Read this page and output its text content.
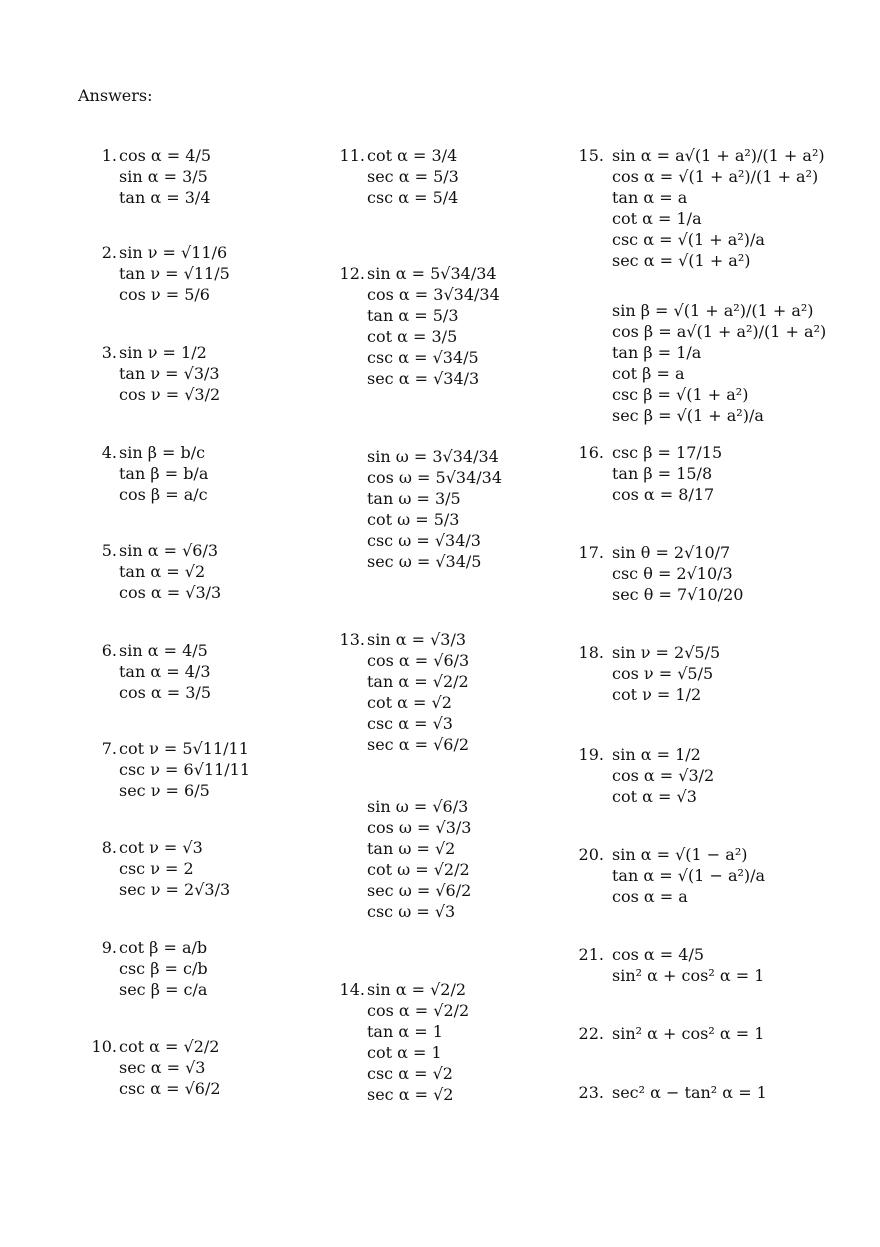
Answers:
1. cos α = 4/5
sin α = 3/5
tan α = 3/4
2. sin ν = √11/6
tan ν = √11/5
cos ν = 5/6
3. sin ν = 1/2
tan ν = √3/3
cos ν = √3/2
4. sin β = b/c
tan β = b/a
cos β = a/c
5. sin α = √6/3
tan α = √2
cos α = √3/3
6. sin α = 4/5
tan α = 4/3
cos α = 3/5
7. cot ν = 5√11/11
csc ν = 6√11/11
sec ν = 6/5
8. cot ν = √3
csc ν = 2
sec ν = 2√3/3
9. cot β = a/b
csc β = c/b
sec β = c/a
10. cot α = √2/2
sec α = √3
csc α = √6/2
11. cot α = 3/4
sec α = 5/3
csc α = 5/4
12. sin α = 5√34/34
cos α = 3√34/34
tan α = 5/3
cot α = 3/5
csc α = √34/5
sec α = √34/3
sin ω = 3√34/34
cos ω = 5√34/34
tan ω = 3/5
cot ω = 5/3
csc ω = √34/3
sec ω = √34/5
13. sin α = √3/3
cos α = √6/3
tan α = √2/2
cot α = √2
csc α = √3
sec α = √6/2
sin ω = √6/3
cos ω = √3/3
tan ω = √2
cot ω = √2/2
sec ω = √6/2
csc ω = √3
14. sin α = √2/2
cos α = √2/2
tan α = 1
cot α = 1
csc α = √2
sec α = √2
15. sin α = a√(1 + a²)/(1 + a²)
cos α = √(1 + a²)/(1 + a²)
tan α = a
cot α = 1/a
csc α = √(1 + a²)/a
sec α = √(1 + a²)
sin β = √(1 + a²)/(1 + a²)
cos β = a√(1 + a²)/(1 + a²)
tan β = 1/a
cot β = a
csc β = √(1 + a²)
sec β = √(1 + a²)/a
16. csc β = 17/15
tan β = 15/8
cos α = 8/17
17. sin θ = 2√10/7
csc θ = 2√10/3
sec θ = 7√10/20
18. sin ν = 2√5/5
cos ν = √5/5
cot ν = 1/2
19. sin α = 1/2
cos α = √3/2
cot α = √3
20. sin α = √(1 − a²)
tan α = √(1 − a²)/a
cos α = a
21. cos α = 4/5
sin² α + cos² α = 1
22. sin² α + cos² α = 1
23. sec² α − tan² α = 1
